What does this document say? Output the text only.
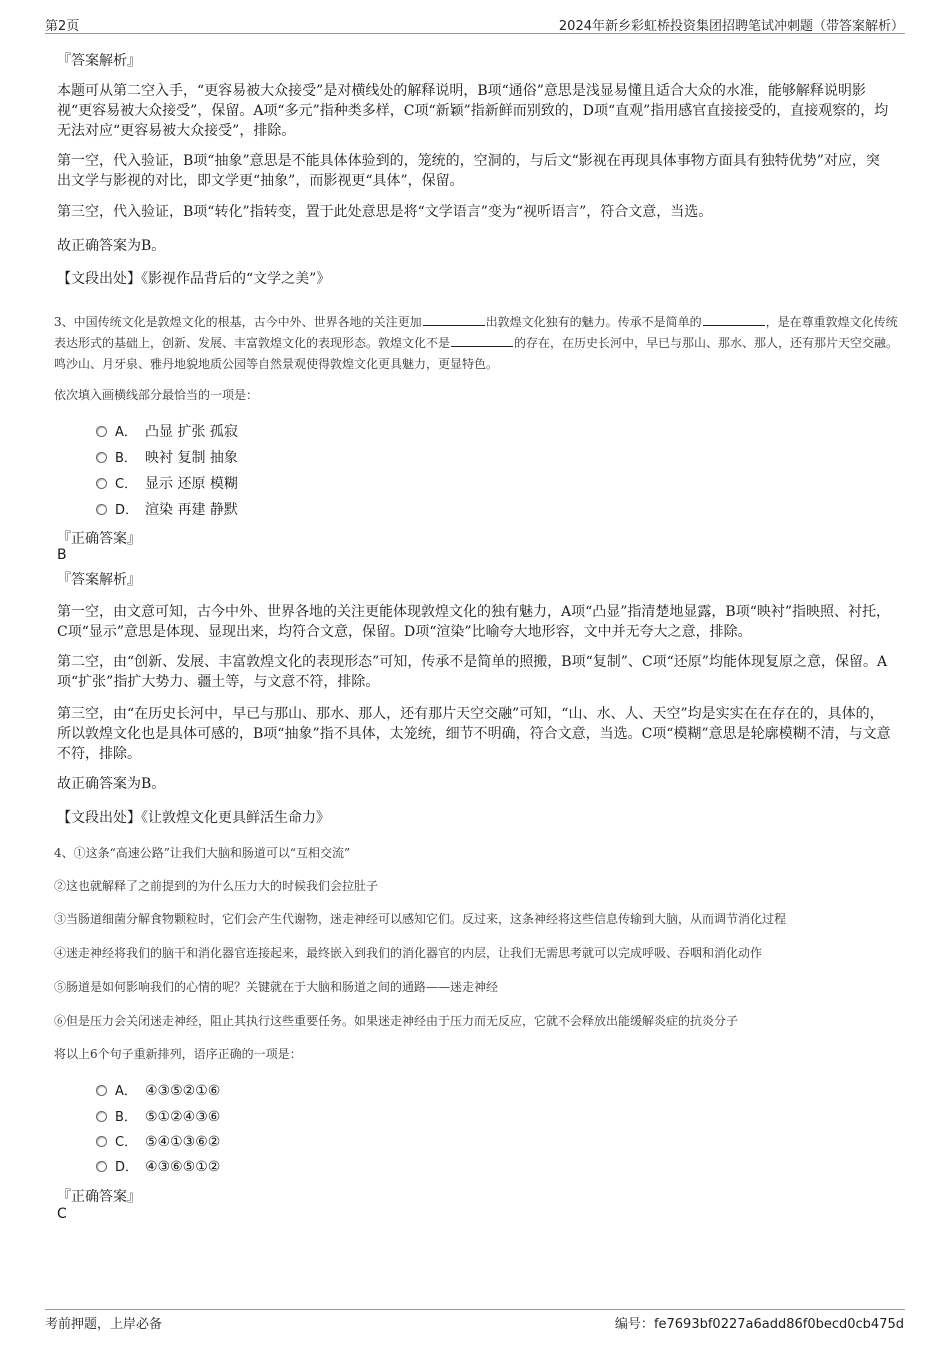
第2页	2024年新乡彩虹桥投资集团招聘笔试冲刺题（带答案解析）
『答案解析』
本题可从第二空入手，“更容易被大众接受”是对横线处的解释说明，B项“通俗”意思是浅显易懂且适合大众的水准，能够解释说明影视“更容易被大众接受”，保留。A项“多元”指种类多样，C项“新颖”指新鲜而别致的，D项“直观”指用感官直接接受的，直接观察的，均无法对应“更容易被大众接受”，排除。
第一空，代入验证，B项“抽象”意思是不能具体体验到的，笼统的，空洞的，与后文“影视在再现具体事物方面具有独特优势”对应，突出文学与影视的对比，即文学更“抽象”，而影视更“具体”，保留。
第三空，代入验证，B项“转化”指转变，置于此处意思是将“文学语言”变为“视听语言”，符合文意，当选。
故正确答案为B。
【文段出处】《影视作品背后的“文学之美”》
3、中国传统文化是敦煌文化的根基，古今中外、世界各地的关注更加	出敦煌文化独有的魅力。传承不是简单的	，是在尊重敦煌文化传统表达形式的基础上，创新、发展、丰富敦煌文化的表现形态。敦煌文化不是	的存在，在历史长河中，早已与那山、那水、那人，还有那片天空交融。鸣沙山、月牙泉、雅丹地貌地质公园等自然景观使得敦煌文化更具魅力，更显特色。
依次填入画横线部分最恰当的一项是：
A． 凸显 扩张 孤寂
B． 映衬 复制 抽象
C． 显示 还原 模糊
D． 渲染 再建 静默
『正确答案』
B
『答案解析』
第一空，由文意可知，古今中外、世界各地的关注更能体现敦煌文化的独有魅力，A项“凸显”指清楚地显露，B项“映衬”指映照、衬托，C项“显示”意思是体现、显现出来，均符合文意，保留。D项“渲染”比喻夸大地形容，文中并无夸大之意，排除。
第二空，由“创新、发展、丰富敦煌文化的表现形态”可知，传承不是简单的照搬，B项“复制”、C项“还原”均能体现复原之意，保留。A项“扩张”指扩大势力、疆土等，与文意不符，排除。
第三空，由“在历史长河中，早已与那山、那水、那人，还有那片天空交融”可知，“山、水、人、天空”均是实实在在存在的，具体的，所以敦煌文化也是具体可感的，B项“抽象”指不具体，太笼统，细节不明确，符合文意，当选。C项“模糊”意思是轮廓模糊不清，与文意不符，排除。
故正确答案为B。
【文段出处】《让敦煌文化更具鲜活生命力》
4、①这条“高速公路”让我们大脑和肠道可以“互相交流”
②这也就解释了之前提到的为什么压力大的时候我们会拉肚子
③当肠道细菌分解食物颗粒时，它们会产生代谢物，迷走神经可以感知它们。反过来，这条神经将这些信息传输到大脑，从而调节消化过程
④迷走神经将我们的脑干和消化器官连接起来，最终嵌入到我们的消化器官的内层，让我们无需思考就可以完成呼吸、吞咽和消化动作
⑤肠道是如何影响我们的心情的呢？关键就在于大脑和肠道之间的通路——迷走神经
⑥但是压力会关闭迷走神经，阻止其执行这些重要任务。如果迷走神经由于压力而无反应，它就不会释放出能缓解炎症的抗炎分子
将以上6个句子重新排列，语序正确的一项是：
A． ④③⑤②①⑥
B． ⑤①②④③⑥
C． ⑤④①③⑥②
D． ④③⑥⑤①②
『正确答案』
C
考前押题，上岸必备	编号：fe7693bf0227a6add86f0becd0cb475d
